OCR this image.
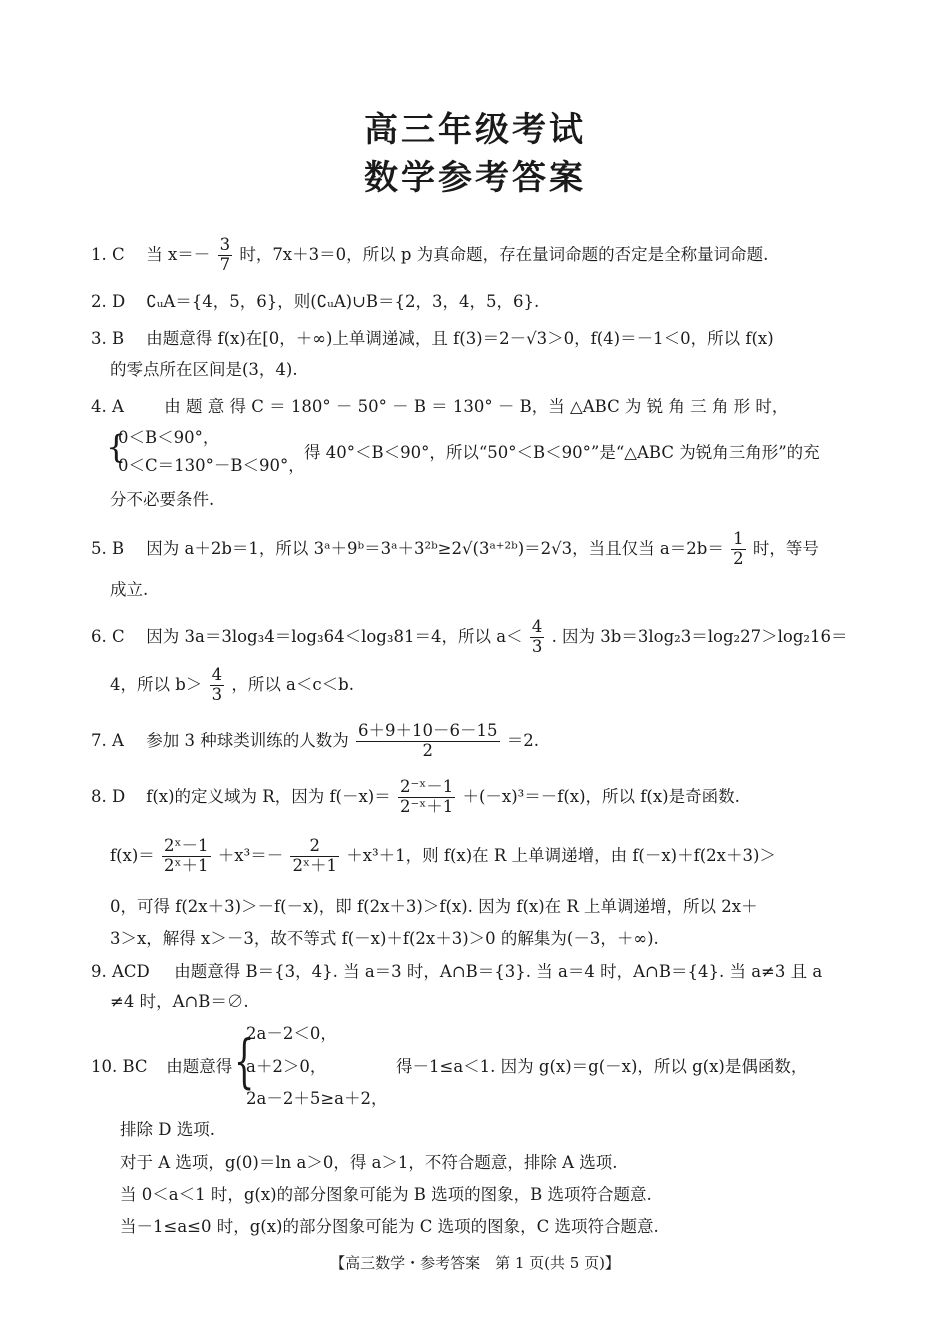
高三年级考试
数学参考答案
1. C 当 $x=- \frac{3}{7}$ 时，7x＋3＝0，所以 p 为真命题，存在量词命题的否定是全称量词命题.
2. D ∁ᵤA＝{4，5，6}，则(∁ᵤA)∪B＝{2，3，4，5，6}.
3. B 由题意得 f(x)在[0，＋∞)上单调递减，且 f(3)＝2－√3＞0，f(4)＝－1＜0，所以 f(x)
的零点所在区间是(3，4).
4. A 由 题 意 得 C ＝ 180° － 50° － B ＝ 130° － B，当 △ABC 为 锐 角 三 角 形 时，
{
0＜B＜90°，
0＜C＝130°－B＜90°，
得 40°＜B＜90°，所以“50°＜B＜90°”是“△ABC 为锐角三角形”的充
分不必要条件.
5. B 因为 a＋2b＝1，所以 3ᵃ＋9ᵇ＝3ᵃ＋3²ᵇ≥2√(3ᵃ⁺²ᵇ)＝2√3，当且仅当 $a=2b= \frac{1}{2}$ 时，等号
成立.
6. C 因为 3a＝3log₃4＝log₃64＜log₃81＝4，所以 $a< \frac{4}{3}$ . 因为 3b＝3log₂3＝log₂27＞log₂16＝
4，所以 $b> \frac{4}{3}$ ，所以 a＜c＜b.
7. A 参加 3 种球类训练的人数为 $\frac{6+9+10-6-15}{2} =2$.
8. D f(x)的定义域为 R，因为 $f(-x)= \frac{\text{2⁻ˣ－1}}{\text{2⁻ˣ＋1}} +(-x)^3=-f(x)$，所以 f(x)是奇函数.
$f(x)= \frac{\text{2ˣ－1}}{\text{2ˣ＋1}} +x^3=- \frac{2}{\text{2ˣ＋1}} +x^3+1$，则 f(x)在 R 上单调递增，由 f(－x)＋f(2x＋3)＞
0，可得 f(2x＋3)＞－f(－x)，即 f(2x＋3)＞f(x). 因为 f(x)在 R 上单调递增，所以 2x＋
3＞x，解得 x＞－3，故不等式 f(－x)＋f(2x＋3)＞0 的解集为(－3，＋∞).
9. ACD 由题意得 B＝{3，4}. 当 a＝3 时，A∩B＝{3}. 当 a＝4 时，A∩B＝{4}. 当 a≠3 且 a
≠4 时，A∩B＝∅.
10. BC 由题意得 {
2a－2＜0，
a＋2＞0，
2a－2＋5≥a＋2，
得－1≤a＜1. 因为 g(x)＝g(－x)，所以 g(x)是偶函数，
排除 D 选项.
对于 A 选项，g(0)＝ln a＞0，得 a＞1，不符合题意，排除 A 选项.
当 0＜a＜1 时，g(x)的部分图象可能为 B 选项的图象，B 选项符合题意.
当－1≤a≤0 时，g(x)的部分图象可能为 C 选项的图象，C 选项符合题意.
【高三数学・参考答案　第 1 页(共 5 页)】
